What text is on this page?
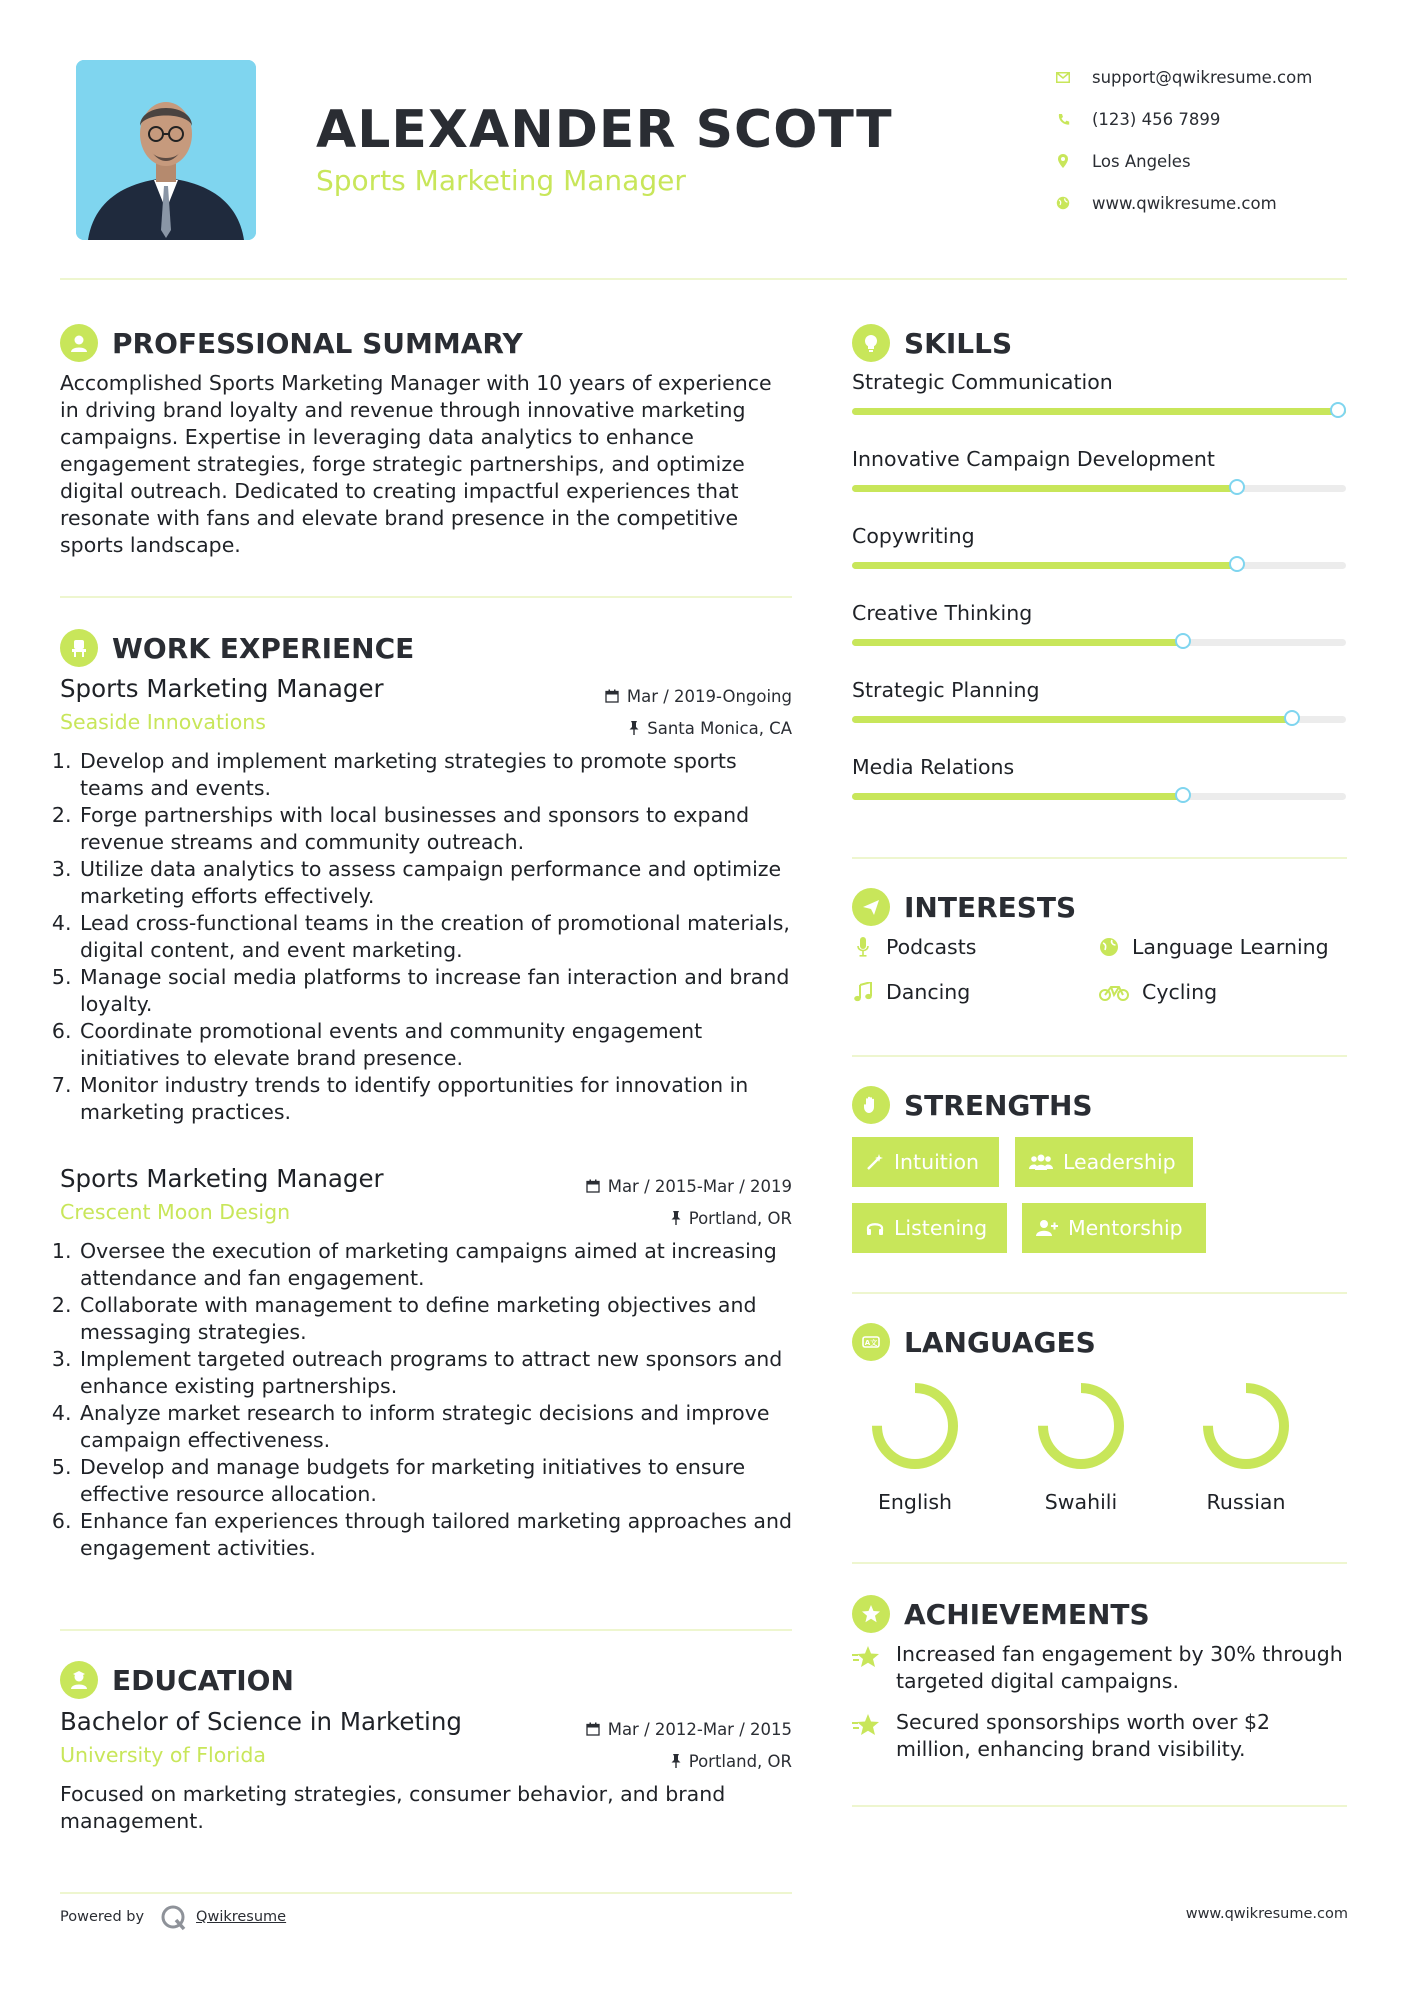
ALEXANDER SCOTT
Sports Marketing Manager
support@qwikresume.com
(123) 456 7899
Los Angeles
www.qwikresume.com
PROFESSIONAL SUMMARY
Accomplished Sports Marketing Manager with 10 years of experience in driving brand loyalty and revenue through innovative marketing campaigns. Expertise in leveraging data analytics to enhance engagement strategies, forge strategic partnerships, and optimize digital outreach. Dedicated to creating impactful experiences that resonate with fans and elevate brand presence in the competitive sports landscape.
WORK EXPERIENCE
Sports Marketing Manager
Seaside Innovations
Mar / 2019-Ongoing
Santa Monica, CA
1. Develop and implement marketing strategies to promote sports teams and events.
2. Forge partnerships with local businesses and sponsors to expand revenue streams and community outreach.
3. Utilize data analytics to assess campaign performance and optimize marketing efforts effectively.
4. Lead cross-functional teams in the creation of promotional materials, digital content, and event marketing.
5. Manage social media platforms to increase fan interaction and brand loyalty.
6. Coordinate promotional events and community engagement initiatives to elevate brand presence.
7. Monitor industry trends to identify opportunities for innovation in marketing practices.
Sports Marketing Manager
Crescent Moon Design
Mar / 2015-Mar / 2019
Portland, OR
1. Oversee the execution of marketing campaigns aimed at increasing attendance and fan engagement.
2. Collaborate with management to define marketing objectives and messaging strategies.
3. Implement targeted outreach programs to attract new sponsors and enhance existing partnerships.
4. Analyze market research to inform strategic decisions and improve campaign effectiveness.
5. Develop and manage budgets for marketing initiatives to ensure effective resource allocation.
6. Enhance fan experiences through tailored marketing approaches and engagement activities.
EDUCATION
Bachelor of Science in Marketing
University of Florida
Mar / 2012-Mar / 2015
Portland, OR
Focused on marketing strategies, consumer behavior, and brand management.
SKILLS
Strategic Communication
Innovative Campaign Development
Copywriting
Creative Thinking
Strategic Planning
Media Relations
INTERESTS
Podcasts	Language Learning
Dancing	Cycling
STRENGTHS
Intuition	Leadership
Listening	Mentorship
A文 LANGUAGES
English	Swahili	Russian
ACHIEVEMENTS
Increased fan engagement by 30% through targeted digital campaigns.
Secured sponsorships worth over $2 million, enhancing brand visibility.
Powered by	Qwikresume	www.qwikresume.com
